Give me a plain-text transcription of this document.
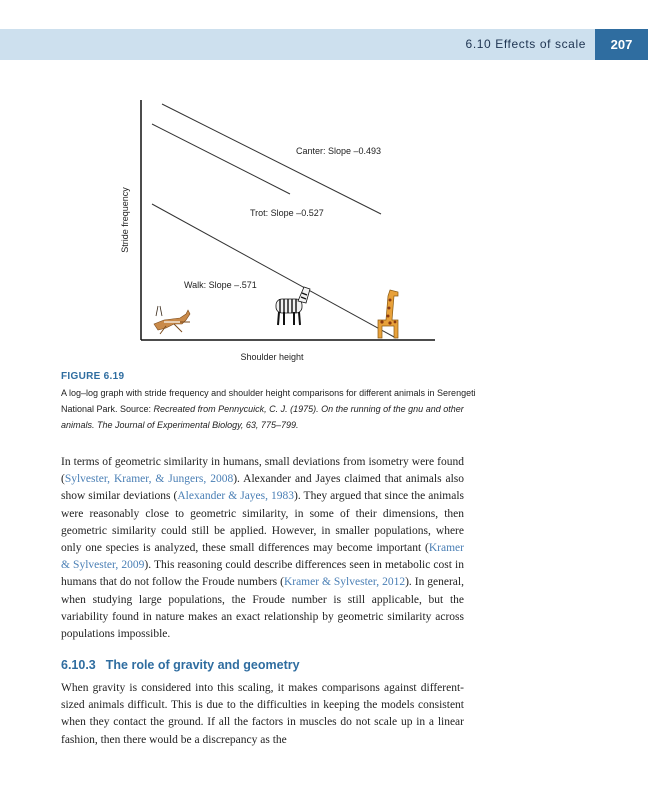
6.10 Effects of scale	207
Stride frequency
Shoulder height
Canter: Slope –0.493
Trot: Slope –0.527
Walk: Slope –.571
FIGURE 6.19
A log–log graph with stride frequency and shoulder height comparisons for different animals in Serengeti National Park. Source: Recreated from Pennycuick, C. J. (1975). On the running of the gnu and other animals. The Journal of Experimental Biology, 63, 775–799.

In terms of geometric similarity in humans, small deviations from isometry were found (Sylvester, Kramer, & Jungers, 2008). Alexander and Jayes claimed that animals also show similar deviations (Alexander & Jayes, 1983). They argued that since the animals were reasonably close to geometric similarity, in some of their dimensions, then geometric similarity could still be applied. However, in smaller populations, where only one species is analyzed, these small differences may become important (Kramer & Sylvester, 2009). This reasoning could describe differences seen in metabolic cost in humans that do not follow the Froude numbers (Kramer & Sylvester, 2012). In general, when studying large populations, the Froude number is still applicable, but the variability found in nature makes an exact relationship by geometric similarity across populations impossible.

6.10.3 The role of gravity and geometry

When gravity is considered into this scaling, it makes comparisons against different-sized animals difficult. This is due to the difficulties in keeping the models consistent when they contact the ground. If all the factors in muscles do not scale up in a linear fashion, then there would be a discrepancy as the
